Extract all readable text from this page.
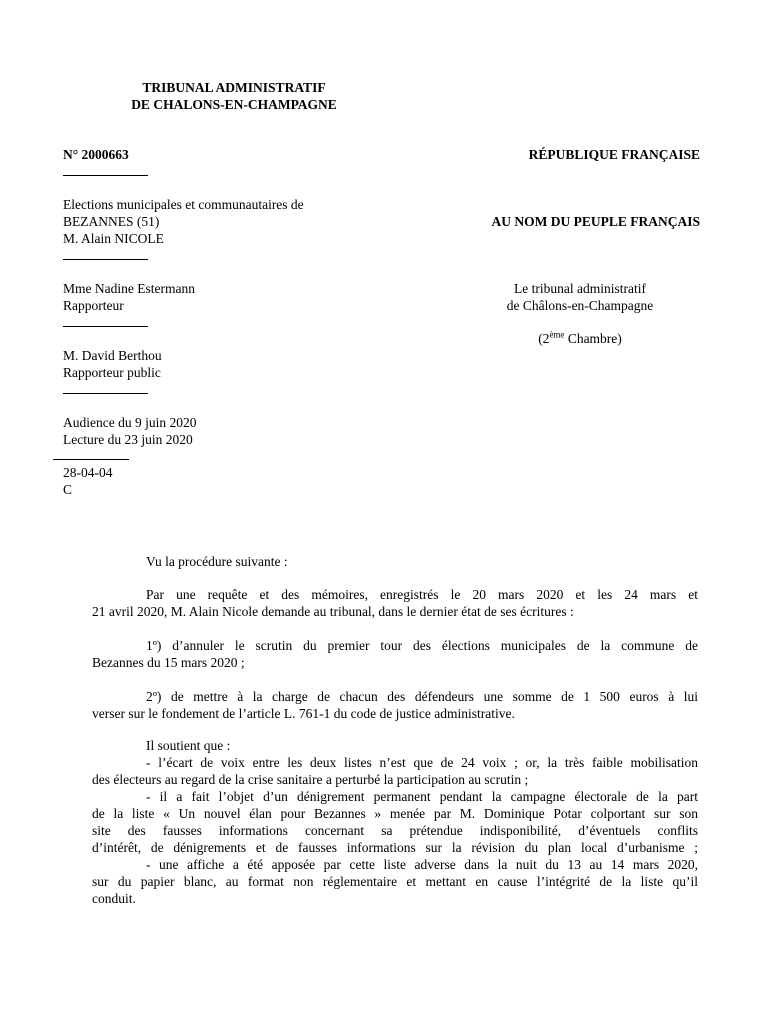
TRIBUNAL ADMINISTRATIF
DE CHALONS-EN-CHAMPAGNE
N° 2000663	RÉPUBLIQUE FRANÇAISE
Elections municipales et communautaires de
BEZANNES (51)
M. Alain NICOLE
AU NOM DU PEUPLE FRANÇAIS
Mme Nadine Estermann
Rapporteur
Le tribunal administratif
de Châlons-en-Champagne
(2ème Chambre)
M. David Berthou
Rapporteur public
Audience du 9 juin 2020
Lecture du 23 juin 2020
28-04-04
C
Vu la procédure suivante :
Par une requête et des mémoires, enregistrés le 20 mars 2020 et les 24 mars et
21 avril 2020, M. Alain Nicole demande au tribunal, dans le dernier état de ses écritures :
1º) d’annuler le scrutin du premier tour des élections municipales de la commune de
Bezannes du 15 mars 2020 ;
2º) de mettre à la charge de chacun des défendeurs une somme de 1 500 euros à lui
verser sur le fondement de l’article L. 761-1 du code de justice administrative.
Il soutient que :
- l’écart de voix entre les deux listes n’est que de 24 voix ; or, la très faible mobilisation
des électeurs au regard de la crise sanitaire a perturbé la participation au scrutin ;
- il a fait l’objet d’un dénigrement permanent pendant la campagne électorale de la part
de la liste « Un nouvel élan pour Bezannes » menée par M. Dominique Potar colportant sur son
site des fausses informations concernant sa prétendue indisponibilité, d’éventuels conflits
d’intérêt, de dénigrements et de fausses informations sur la révision du plan local d’urbanisme ;
- une affiche a été apposée par cette liste adverse dans la nuit du 13 au 14 mars 2020,
sur du papier blanc, au format non réglementaire et mettant en cause l’intégrité de la liste qu’il
conduit.
